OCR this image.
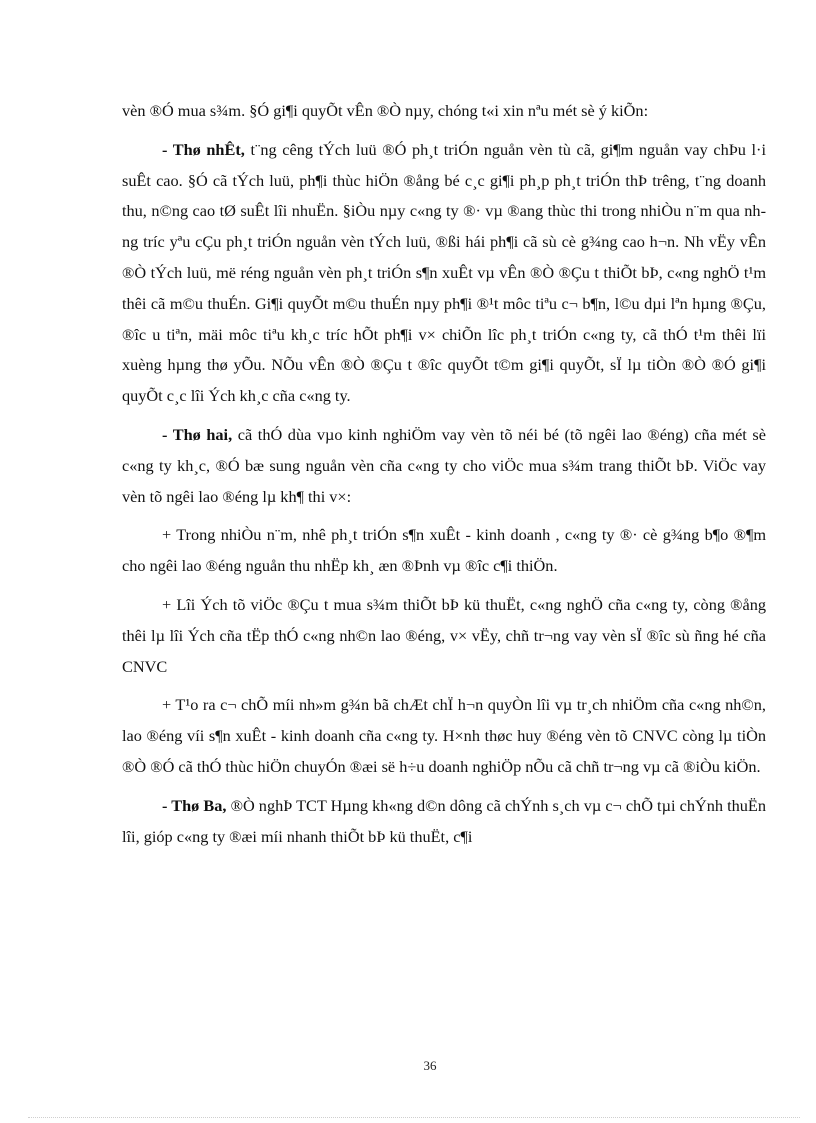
vèn ®Ó mua s¾m. §Ó gi¶i quyÕt vÊn ®Ò nµy, chóng t«i xin nªu mét sè ý kiÕn:

- Thø nhÊt, t¨ng cêng tÝch luü ®Ó ph¸t triÓn nguån vèn tù cã, gi¶m nguån vay chÞu l·i suÊt cao. §Ó cã tÝch luü, ph¶i thùc hiÖn ®ång bé c¸c gi¶i ph¸p ph¸t triÓn thÞ trêng, t¨ng doanh thu, n©ng cao tØ suÊt lîi nhuËn. §iÒu nµy c«ng ty ®· vµ ®ang thùc thi trong nhiÒu n¨m qua nhng tríc yªu cÇu ph¸t triÓn nguån vèn tÝch luü, ®ßi hái ph¶i cã sù cè g¾ng cao h¬n. Nh vËy vÊn ®Ò tÝch luü, më réng nguån vèn ph¸t triÓn s¶n xuÊt vµ vÊn ®Ò ®Çu t thiÕt bÞ, c«ng nghÖ t¹m thêi cã m©u thuÉn. Gi¶i quyÕt m©u thuÉn nµy ph¶i ®¹t môc tiªu c¬ b¶n, l©u dµi lªn hµng ®Çu, ®îc u tiªn, mäi môc tiªu kh¸c tríc hÕt ph¶i v× chiÕn lîc ph¸t triÓn c«ng ty, cã thÓ t¹m thêi lïi xuèng hµng thø yÕu. NÕu vÊn ®Ò ®Çu t ®îc quyÕt t©m gi¶i quyÕt, sÏ lµ tiÒn ®Ò ®Ó gi¶i quyÕt c¸c lîi Ých kh¸c cña c«ng ty.

- Thø hai, cã thÓ dùa vµo kinh nghiÖm vay vèn tõ néi bé (tõ ngêi lao ®éng) cña mét sè c«ng ty kh¸c, ®Ó bæ sung nguån vèn cña c«ng ty cho viÖc mua s¾m trang thiÕt bÞ. ViÖc vay vèn tõ ngêi lao ®éng lµ kh¶ thi v×:

+ Trong nhiÒu n¨m, nhê ph¸t triÓn s¶n xuÊt - kinh doanh , c«ng ty ®· cè g¾ng b¶o ®¶m cho ngêi lao ®éng nguån thu nhËp kh¸ æn ®Þnh vµ ®îc c¶i thiÖn.

+ Lîi Ých tõ viÖc ®Çu t mua s¾m thiÕt bÞ kü thuËt, c«ng nghÖ cña c«ng ty, còng ®ång thêi lµ lîi Ých cña tËp thÓ c«ng nh©n lao ®éng, v× vËy, chñ tr¬ng vay vèn sÏ ®îc sù ñng hé cña CNVC

+ T¹o ra c¬ chÕ míi nh»m g¾n bã chÆt chÏ h¬n quyÒn lîi vµ tr¸ch nhiÖm cña c«ng nh©n, lao ®éng víi s¶n xuÊt - kinh doanh cña c«ng ty. H×nh thøc huy ®éng vèn tõ CNVC còng lµ tiÒn ®Ò ®Ó cã thÓ thùc hiÖn chuyÓn ®æi së h÷u doanh nghiÖp nÕu cã chñ tr¬ng vµ cã ®iÒu kiÖn.

- Thø Ba, ®Ò nghÞ TCT Hµng kh«ng d©n dông cã chÝnh s¸ch vµ c¬ chÕ tµi chÝnh thuËn lîi, gióp c«ng ty ®æi míi nhanh thiÕt bÞ kü thuËt, c¶i

36
